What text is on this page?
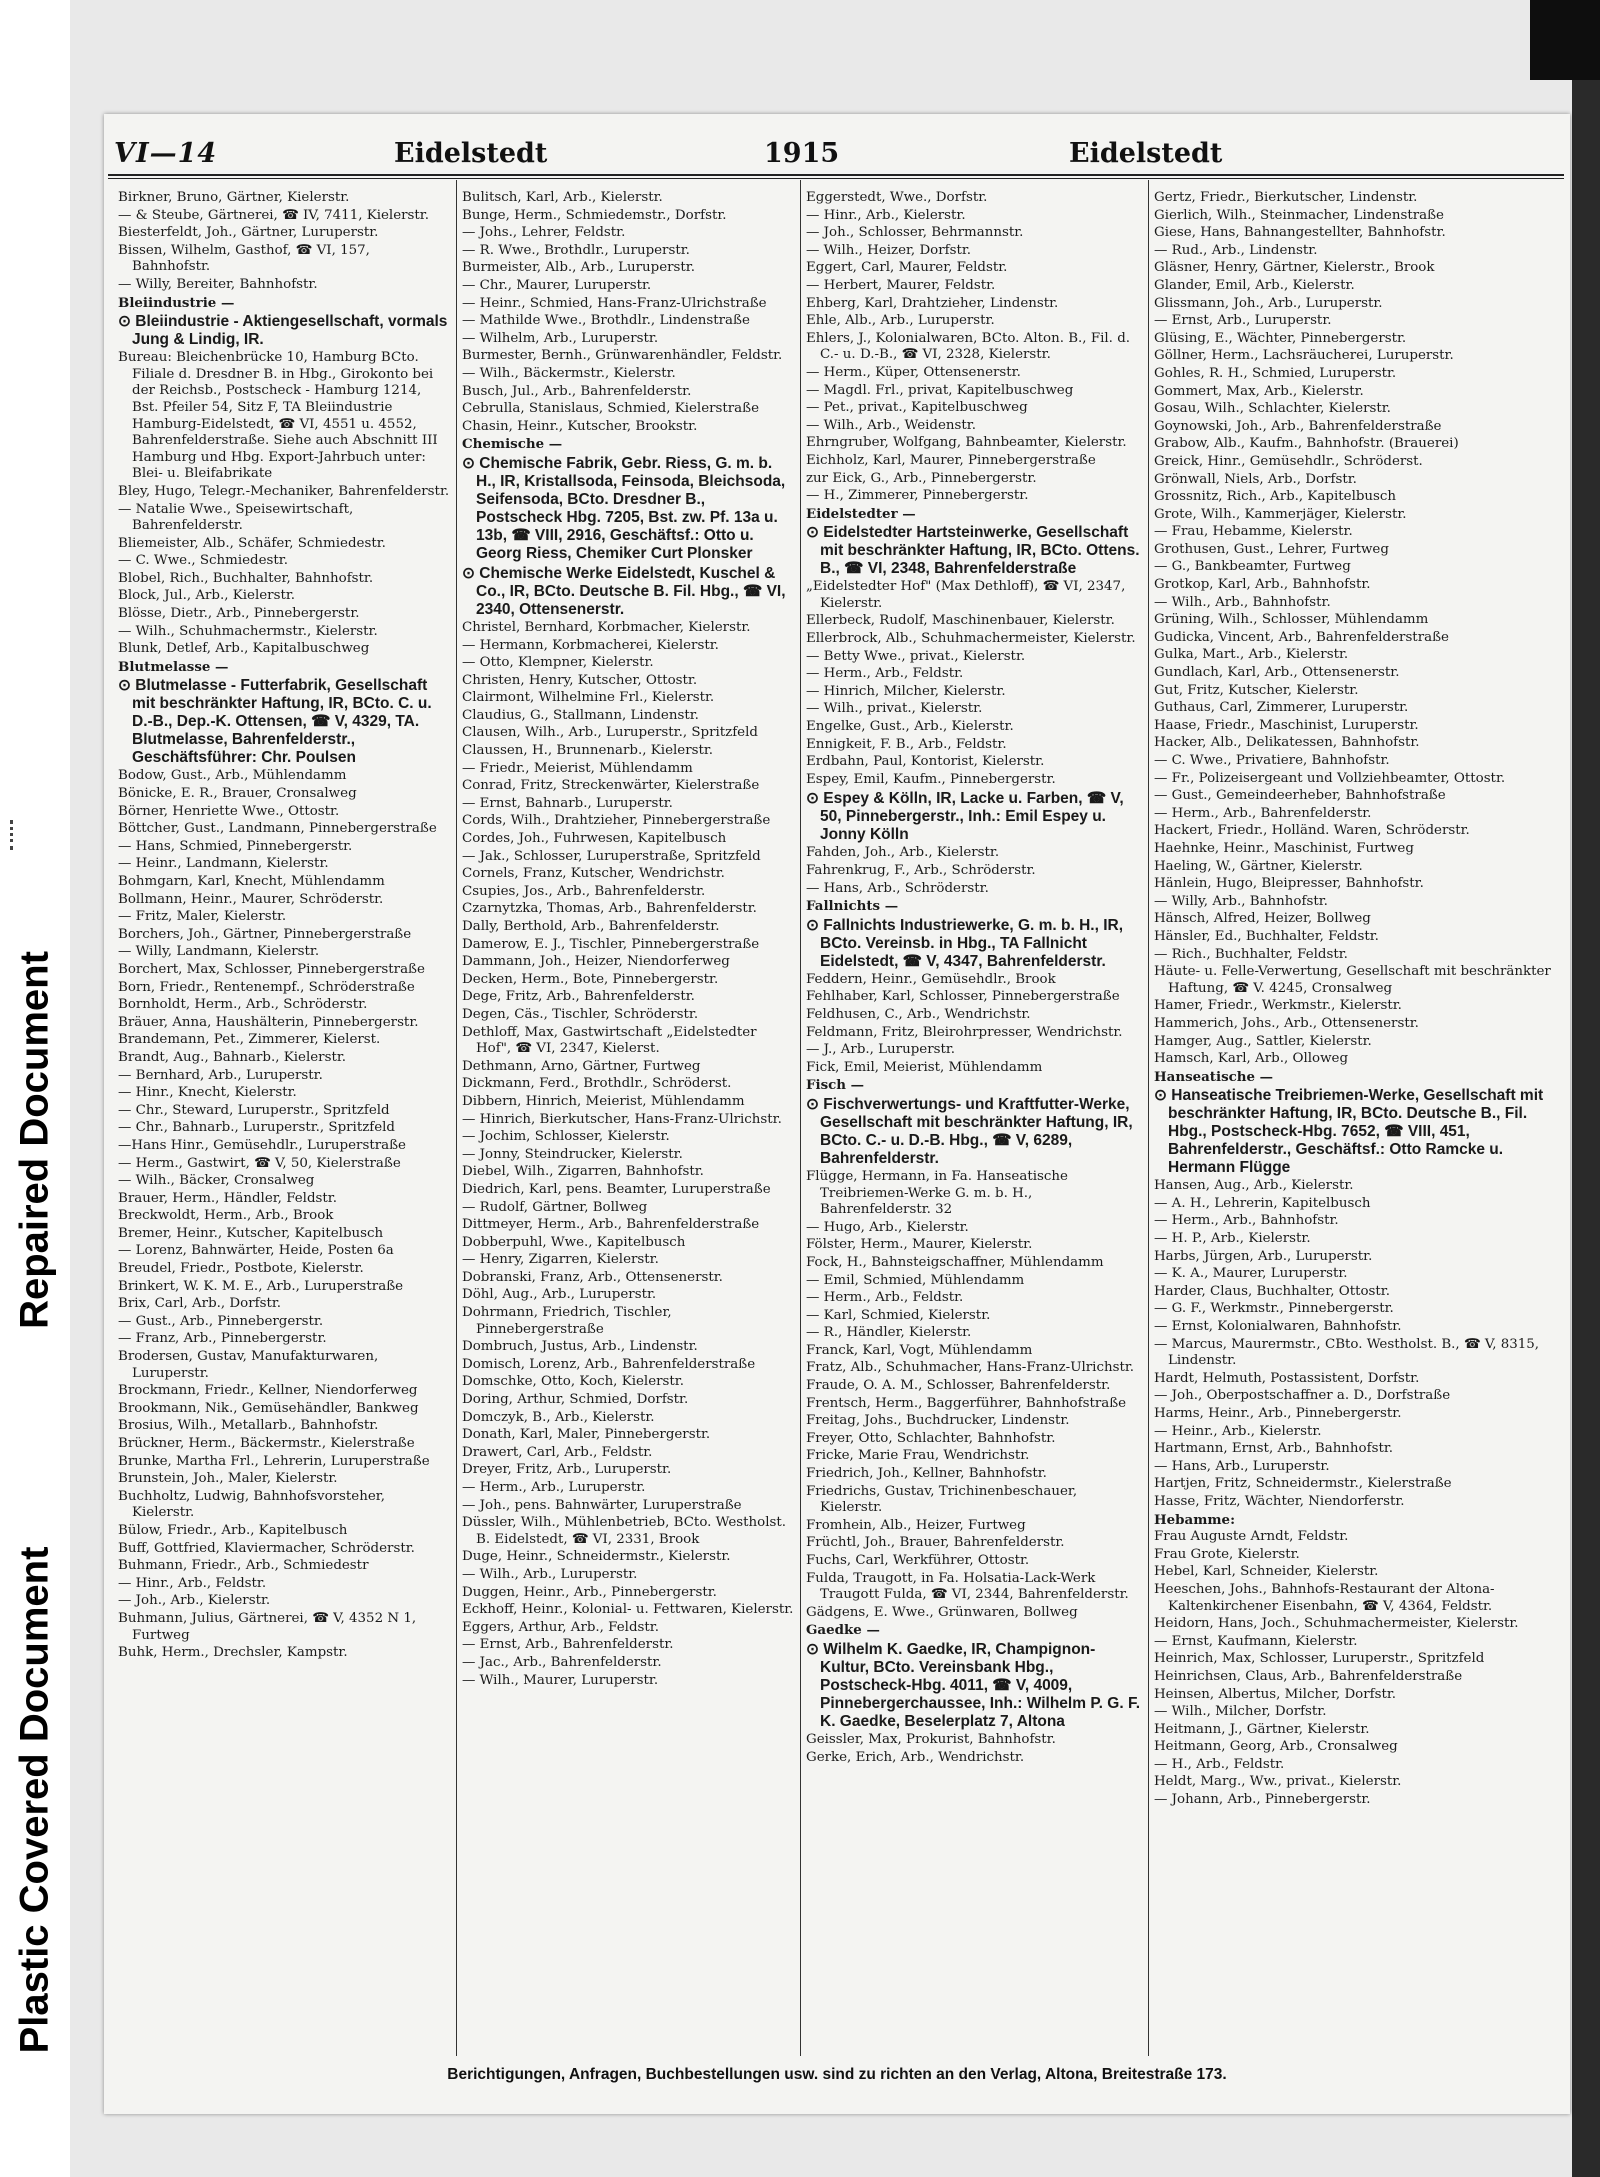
Repaired Document
Plastic Covered Document
VI—14	Eidelstedt	1915	Eidelstedt

Birkner, Bruno, Gärtner, Kielerstr.

— & Steube, Gärtnerei, ☎ IV, 7411, Kielerstr.

Biesterfeldt, Joh., Gärtner, Luruperstr.

Bissen, Wilhelm, Gasthof, ☎ VI, 157, Bahnhofstr.

— Willy, Bereiter, Bahnhofstr.

Bleiindustrie —

⊙ Bleiindustrie - Aktiengesellschaft, vormals Jung & Lindig, IR.

Bureau: Bleichenbrücke 10, Hamburg BCto. Filiale d. Dresdner B. in Hbg., Girokonto bei der Reichsb., Postscheck - Hamburg 1214, Bst. Pfeiler 54, Sitz F, TA Bleiindustrie Hamburg-Eidelstedt, ☎ VI, 4551 u. 4552, Bahrenfelderstraße. Siehe auch Abschnitt III Hamburg und Hbg. Export-Jahrbuch unter: Blei- u. Bleifabrikate

Bley, Hugo, Telegr.-Mechaniker, Bahrenfelderstr.

— Natalie Wwe., Speisewirtschaft, Bahrenfelderstr.

Bliemeister, Alb., Schäfer, Schmiedestr.

— C. Wwe., Schmiedestr.

Blobel, Rich., Buchhalter, Bahnhofstr.

Block, Jul., Arb., Kielerstr.

Blösse, Dietr., Arb., Pinnebergerstr.

— Wilh., Schuhmachermstr., Kielerstr.

Blunk, Detlef, Arb., Kapitalbuschweg

Blutmelasse —

⊙ Blutmelasse - Futterfabrik, Gesellschaft mit beschränkter Haftung, IR, BCto. C. u. D.-B., Dep.-K. Ottensen, ☎ V, 4329, TA. Blutmelasse, Bahrenfelderstr., Geschäftsführer: Chr. Poulsen

Bodow, Gust., Arb., Mühlendamm

Bönicke, E. R., Brauer, Cronsalweg

Börner, Henriette Wwe., Ottostr.

Böttcher, Gust., Landmann, Pinnebergerstraße

— Hans, Schmied, Pinnebergerstr.

— Heinr., Landmann, Kielerstr.

Bohmgarn, Karl, Knecht, Mühlendamm

Bollmann, Heinr., Maurer, Schröderstr.

— Fritz, Maler, Kielerstr.

Borchers, Joh., Gärtner, Pinnebergerstraße

— Willy, Landmann, Kielerstr.

Borchert, Max, Schlosser, Pinnebergerstraße

Born, Friedr., Rentenempf., Schröderstraße

Bornholdt, Herm., Arb., Schröderstr.

Bräuer, Anna, Haushälterin, Pinnebergerstr.

Brandemann, Pet., Zimmerer, Kielerst.

Brandt, Aug., Bahnarb., Kielerstr.

— Bernhard, Arb., Luruperstr.

— Hinr., Knecht, Kielerstr.

— Chr., Steward, Luruperstr., Spritzfeld

— Chr., Bahnarb., Luruperstr., Spritzfeld

—Hans Hinr., Gemüsehdlr., Luruperstraße

— Herm., Gastwirt, ☎ V, 50, Kielerstraße

— Wilh., Bäcker, Cronsalweg

Brauer, Herm., Händler, Feldstr.

Breckwoldt, Herm., Arb., Brook

Bremer, Heinr., Kutscher, Kapitelbusch

— Lorenz, Bahnwärter, Heide, Posten 6a

Breudel, Friedr., Postbote, Kielerstr.

Brinkert, W. K. M. E., Arb., Luruperstraße

Brix, Carl, Arb., Dorfstr.

— Gust., Arb., Pinnebergerstr.

— Franz, Arb., Pinnebergerstr.

Brodersen, Gustav, Manufakturwaren, Luruperstr.

Brockmann, Friedr., Kellner, Niendorferweg

Brookmann, Nik., Gemüsehändler, Bankweg

Brosius, Wilh., Metallarb., Bahnhofstr.

Brückner, Herm., Bäckermstr., Kielerstraße

Brunke, Martha Frl., Lehrerin, Luruperstraße

Brunstein, Joh., Maler, Kielerstr.

Buchholtz, Ludwig, Bahnhofsvorsteher, Kielerstr.

Bülow, Friedr., Arb., Kapitelbusch

Buff, Gottfried, Klaviermacher, Schröderstr.

Buhmann, Friedr., Arb., Schmiedestr

— Hinr., Arb., Feldstr.

— Joh., Arb., Kielerstr.

Buhmann, Julius, Gärtnerei, ☎ V, 4352 N 1, Furtweg

Buhk, Herm., Drechsler, Kampstr.

Bulitsch, Karl, Arb., Kielerstr.

Bunge, Herm., Schmiedemstr., Dorfstr.

— Johs., Lehrer, Feldstr.

— R. Wwe., Brothdlr., Luruperstr.

Burmeister, Alb., Arb., Luruperstr.

— Chr., Maurer, Luruperstr.

— Heinr., Schmied, Hans-Franz-Ulrichstraße

— Mathilde Wwe., Brothdlr., Lindenstraße

— Wilhelm, Arb., Luruperstr.

Burmester, Bernh., Grünwarenhändler, Feldstr.

— Wilh., Bäckermstr., Kielerstr.

Busch, Jul., Arb., Bahrenfelderstr.

Cebrulla, Stanislaus, Schmied, Kielerstraße

Chasin, Heinr., Kutscher, Brookstr.

Chemische —

⊙ Chemische Fabrik, Gebr. Riess, G. m. b. H., IR, Kristallsoda, Feinsoda, Bleichsoda, Seifensoda, BCto. Dresdner B., Postscheck Hbg. 7205, Bst. zw. Pf. 13a u. 13b, ☎ VIII, 2916, Geschäftsf.: Otto u. Georg Riess, Chemiker Curt Plonsker

⊙ Chemische Werke Eidelstedt, Kuschel & Co., IR, BCto. Deutsche B. Fil. Hbg., ☎ VI, 2340, Ottensenerstr.

Christel, Bernhard, Korbmacher, Kielerstr.

— Hermann, Korbmacherei, Kielerstr.

— Otto, Klempner, Kielerstr.

Christen, Henry, Kutscher, Ottostr.

Clairmont, Wilhelmine Frl., Kielerstr.

Claudius, G., Stallmann, Lindenstr.

Clausen, Wilh., Arb., Luruperstr., Spritzfeld

Claussen, H., Brunnenarb., Kielerstr.

— Friedr., Meierist, Mühlendamm

Conrad, Fritz, Streckenwärter, Kielerstraße

— Ernst, Bahnarb., Luruperstr.

Cords, Wilh., Drahtzieher, Pinnebergerstraße

Cordes, Joh., Fuhrwesen, Kapitelbusch

— Jak., Schlosser, Luruperstraße, Spritzfeld

Cornels, Franz, Kutscher, Wendrichstr.

Csupies, Jos., Arb., Bahrenfelderstr.

Czarnytzka, Thomas, Arb., Bahrenfelderstr.

Dally, Berthold, Arb., Bahrenfelderstr.

Damerow, E. J., Tischler, Pinnebergerstraße

Dammann, Joh., Heizer, Niendorferweg

Decken, Herm., Bote, Pinnebergerstr.

Dege, Fritz, Arb., Bahrenfelderstr.

Degen, Cäs., Tischler, Schröderstr.

Dethloff, Max, Gastwirtschaft „Eidelstedter Hof", ☎ VI, 2347, Kielerst.

Dethmann, Arno, Gärtner, Furtweg

Dickmann, Ferd., Brothdlr., Schröderst.

Dibbern, Hinrich, Meierist, Mühlendamm

— Hinrich, Bierkutscher, Hans-Franz-Ulrichstr.

— Jochim, Schlosser, Kielerstr.

— Jonny, Steindrucker, Kielerstr.

Diebel, Wilh., Zigarren, Bahnhofstr.

Diedrich, Karl, pens. Beamter, Luruperstraße

— Rudolf, Gärtner, Bollweg

Dittmeyer, Herm., Arb., Bahrenfelderstraße

Dobberpuhl, Wwe., Kapitelbusch

— Henry, Zigarren, Kielerstr.

Dobranski, Franz, Arb., Ottensenerstr.

Döhl, Aug., Arb., Luruperstr.

Dohrmann, Friedrich, Tischler, Pinnebergerstraße

Dombruch, Justus, Arb., Lindenstr.

Domisch, Lorenz, Arb., Bahrenfelderstraße

Domschke, Otto, Koch, Kielerstr.

Doring, Arthur, Schmied, Dorfstr.

Domczyk, B., Arb., Kielerstr.

Donath, Karl, Maler, Pinnebergerstr.

Drawert, Carl, Arb., Feldstr.

Dreyer, Fritz, Arb., Luruperstr.

— Herm., Arb., Luruperstr.

— Joh., pens. Bahnwärter, Luruperstraße

Düssler, Wilh., Mühlenbetrieb, BCto. Westholst. B. Eidelstedt, ☎ VI, 2331, Brook

Duge, Heinr., Schneidermstr., Kielerstr.

— Wilh., Arb., Luruperstr.

Duggen, Heinr., Arb., Pinnebergerstr.

Eckhoff, Heinr., Kolonial- u. Fettwaren, Kielerstr.

Eggers, Arthur, Arb., Feldstr.

— Ernst, Arb., Bahrenfelderstr.

— Jac., Arb., Bahrenfelderstr.

— Wilh., Maurer, Luruperstr.

Eggerstedt, Wwe., Dorfstr.

— Hinr., Arb., Kielerstr.

— Joh., Schlosser, Behrmannstr.

— Wilh., Heizer, Dorfstr.

Eggert, Carl, Maurer, Feldstr.

— Herbert, Maurer, Feldstr.

Ehberg, Karl, Drahtzieher, Lindenstr.

Ehle, Alb., Arb., Luruperstr.

Ehlers, J., Kolonialwaren, BCto. Alton. B., Fil. d. C.- u. D.-B., ☎ VI, 2328, Kielerstr.

— Herm., Küper, Ottensenerstr.

— Magdl. Frl., privat, Kapitelbuschweg

— Pet., privat., Kapitelbuschweg

— Wilh., Arb., Weidenstr.

Ehrngruber, Wolfgang, Bahnbeamter, Kielerstr.

Eichholz, Karl, Maurer, Pinnebergerstraße

zur Eick, G., Arb., Pinnebergerstr.

— H., Zimmerer, Pinnebergerstr.

Eidelstedter —

⊙ Eidelstedter Hartsteinwerke, Gesellschaft mit beschränkter Haftung, IR, BCto. Ottens. B., ☎ VI, 2348, Bahrenfelderstraße

„Eidelstedter Hof" (Max Dethloff), ☎ VI, 2347, Kielerstr.

Ellerbeck, Rudolf, Maschinenbauer, Kielerstr.

Ellerbrock, Alb., Schuhmachermeister, Kielerstr.

— Betty Wwe., privat., Kielerstr.

— Herm., Arb., Feldstr.

— Hinrich, Milcher, Kielerstr.

— Wilh., privat., Kielerstr.

Engelke, Gust., Arb., Kielerstr.

Ennigkeit, F. B., Arb., Feldstr.

Erdbahn, Paul, Kontorist, Kielerstr.

Espey, Emil, Kaufm., Pinnebergerstr.

⊙ Espey & Kölln, IR, Lacke u. Farben, ☎ V, 50, Pinnebergerstr., Inh.: Emil Espey u. Jonny Kölln

Fahden, Joh., Arb., Kielerstr.

Fahrenkrug, F., Arb., Schröderstr.

— Hans, Arb., Schröderstr.

Fallnichts —

⊙ Fallnichts Industriewerke, G. m. b. H., IR, BCto. Vereinsb. in Hbg., TA Fallnicht Eidelstedt, ☎ V, 4347, Bahrenfelderstr.

Feddern, Heinr., Gemüsehdlr., Brook

Fehlhaber, Karl, Schlosser, Pinnebergerstraße

Feldhusen, C., Arb., Wendrichstr.

Feldmann, Fritz, Bleirohrpresser, Wendrichstr.

— J., Arb., Luruperstr.

Fick, Emil, Meierist, Mühlendamm

Fisch —

⊙ Fischverwertungs- und Kraftfutter-Werke, Gesellschaft mit beschränkter Haftung, IR, BCto. C.- u. D.-B. Hbg., ☎ V, 6289, Bahrenfelderstr.

Flügge, Hermann, in Fa. Hanseatische Treibriemen-Werke G. m. b. H., Bahrenfelderstr. 32

— Hugo, Arb., Kielerstr.

Fölster, Herm., Maurer, Kielerstr.

Fock, H., Bahnsteigschaffner, Mühlendamm

— Emil, Schmied, Mühlendamm

— Herm., Arb., Feldstr.

— Karl, Schmied, Kielerstr.

— R., Händler, Kielerstr.

Franck, Karl, Vogt, Mühlendamm

Fratz, Alb., Schuhmacher, Hans-Franz-Ulrichstr.

Fraude, O. A. M., Schlosser, Bahrenfelderstr.

Frentsch, Herm., Baggerführer, Bahnhofstraße

Freitag, Johs., Buchdrucker, Lindenstr.

Freyer, Otto, Schlachter, Bahnhofstr.

Fricke, Marie Frau, Wendrichstr.

Friedrich, Joh., Kellner, Bahnhofstr.

Friedrichs, Gustav, Trichinenbeschauer, Kielerstr.

Fromhein, Alb., Heizer, Furtweg

Früchtl, Joh., Brauer, Bahrenfelderstr.

Fuchs, Carl, Werkführer, Ottostr.

Fulda, Traugott, in Fa. Holsatia-Lack-Werk Traugott Fulda, ☎ VI, 2344, Bahrenfelderstr.

Gädgens, E. Wwe., Grünwaren, Bollweg

Gaedke —

⊙ Wilhelm K. Gaedke, IR, Champignon-Kultur, BCto. Vereinsbank Hbg., Postscheck-Hbg. 4011, ☎ V, 4009, Pinnebergerchaussee, Inh.: Wilhelm P. G. F. K. Gaedke, Beselerplatz 7, Altona

Geissler, Max, Prokurist, Bahnhofstr.

Gerke, Erich, Arb., Wendrichstr.

Gertz, Friedr., Bierkutscher, Lindenstr.

Gierlich, Wilh., Steinmacher, Lindenstraße

Giese, Hans, Bahnangestellter, Bahnhofstr.

— Rud., Arb., Lindenstr.

Gläsner, Henry, Gärtner, Kielerstr., Brook

Glander, Emil, Arb., Kielerstr.

Glissmann, Joh., Arb., Luruperstr.

— Ernst, Arb., Luruperstr.

Glüsing, E., Wächter, Pinnebergerstr.

Göllner, Herm., Lachsräucherei, Luruperstr.

Gohles, R. H., Schmied, Luruperstr.

Gommert, Max, Arb., Kielerstr.

Gosau, Wilh., Schlachter, Kielerstr.

Goynowski, Joh., Arb., Bahrenfelderstraße

Grabow, Alb., Kaufm., Bahnhofstr. (Brauerei)

Greick, Hinr., Gemüsehdlr., Schröderst.

Grönwall, Niels, Arb., Dorfstr.

Grossnitz, Rich., Arb., Kapitelbusch

Grote, Wilh., Kammerjäger, Kielerstr.

— Frau, Hebamme, Kielerstr.

Grothusen, Gust., Lehrer, Furtweg

— G., Bankbeamter, Furtweg

Grotkop, Karl, Arb., Bahnhofstr.

— Wilh., Arb., Bahnhofstr.

Grüning, Wilh., Schlosser, Mühlendamm

Gudicka, Vincent, Arb., Bahrenfelderstraße

Gulka, Mart., Arb., Kielerstr.

Gundlach, Karl, Arb., Ottensenerstr.

Gut, Fritz, Kutscher, Kielerstr.

Guthaus, Carl, Zimmerer, Luruperstr.

Haase, Friedr., Maschinist, Luruperstr.

Hacker, Alb., Delikatessen, Bahnhofstr.

— C. Wwe., Privatiere, Bahnhofstr.

— Fr., Polizeisergeant und Vollziehbeamter, Ottostr.

— Gust., Gemeindeerheber, Bahnhofstraße

— Herm., Arb., Bahrenfelderstr.

Hackert, Friedr., Holländ. Waren, Schröderstr.

Haehnke, Heinr., Maschinist, Furtweg

Haeling, W., Gärtner, Kielerstr.

Hänlein, Hugo, Bleipresser, Bahnhofstr.

— Willy, Arb., Bahnhofstr.

Hänsch, Alfred, Heizer, Bollweg

Hänsler, Ed., Buchhalter, Feldstr.

— Rich., Buchhalter, Feldstr.

Häute- u. Felle-Verwertung, Gesellschaft mit beschränkter Haftung, ☎ V. 4245, Cronsalweg

Hamer, Friedr., Werkmstr., Kielerstr.

Hammerich, Johs., Arb., Ottensenerstr.

Hamger, Aug., Sattler, Kielerstr.

Hamsch, Karl, Arb., Olloweg

Hanseatische —

⊙ Hanseatische Treibriemen-Werke, Gesellschaft mit beschränkter Haftung, IR, BCto. Deutsche B., Fil. Hbg., Postscheck-Hbg. 7652, ☎ VIII, 451, Bahrenfelderstr., Geschäftsf.: Otto Ramcke u. Hermann Flügge

Hansen, Aug., Arb., Kielerstr.

— A. H., Lehrerin, Kapitelbusch

— Herm., Arb., Bahnhofstr.

— H. P., Arb., Kielerstr.

Harbs, Jürgen, Arb., Luruperstr.

— K. A., Maurer, Luruperstr.

Harder, Claus, Buchhalter, Ottostr.

— G. F., Werkmstr., Pinnebergerstr.

— Ernst, Kolonialwaren, Bahnhofstr.

— Marcus, Maurermstr., CBto. Westholst. B., ☎ V, 8315, Lindenstr.

Hardt, Helmuth, Postassistent, Dorfstr.

— Joh., Oberpostschaffner a. D., Dorfstraße

Harms, Heinr., Arb., Pinnebergerstr.

— Heinr., Arb., Kielerstr.

Hartmann, Ernst, Arb., Bahnhofstr.

— Hans, Arb., Luruperstr.

Hartjen, Fritz, Schneidermstr., Kielerstraße

Hasse, Fritz, Wächter, Niendorferstr.

Hebamme:

Frau Auguste Arndt, Feldstr.

Frau Grote, Kielerstr.

Hebel, Karl, Schneider, Kielerstr.

Heeschen, Johs., Bahnhofs-Restaurant der Altona-Kaltenkirchener Eisenbahn, ☎ V, 4364, Feldstr.

Heidorn, Hans, Joch., Schuhmachermeister, Kielerstr.

— Ernst, Kaufmann, Kielerstr.

Heinrich, Max, Schlosser, Luruperstr., Spritzfeld

Heinrichsen, Claus, Arb., Bahrenfelderstraße

Heinsen, Albertus, Milcher, Dorfstr.

— Wilh., Milcher, Dorfstr.

Heitmann, J., Gärtner, Kielerstr.

Heitmann, Georg, Arb., Cronsalweg

— H., Arb., Feldstr.

Heldt, Marg., Ww., privat., Kielerstr.

— Johann, Arb., Pinnebergerstr.

Berichtigungen, Anfragen, Buchbestellungen usw. sind zu richten an den Verlag, Altona, Breitestraße 173.
